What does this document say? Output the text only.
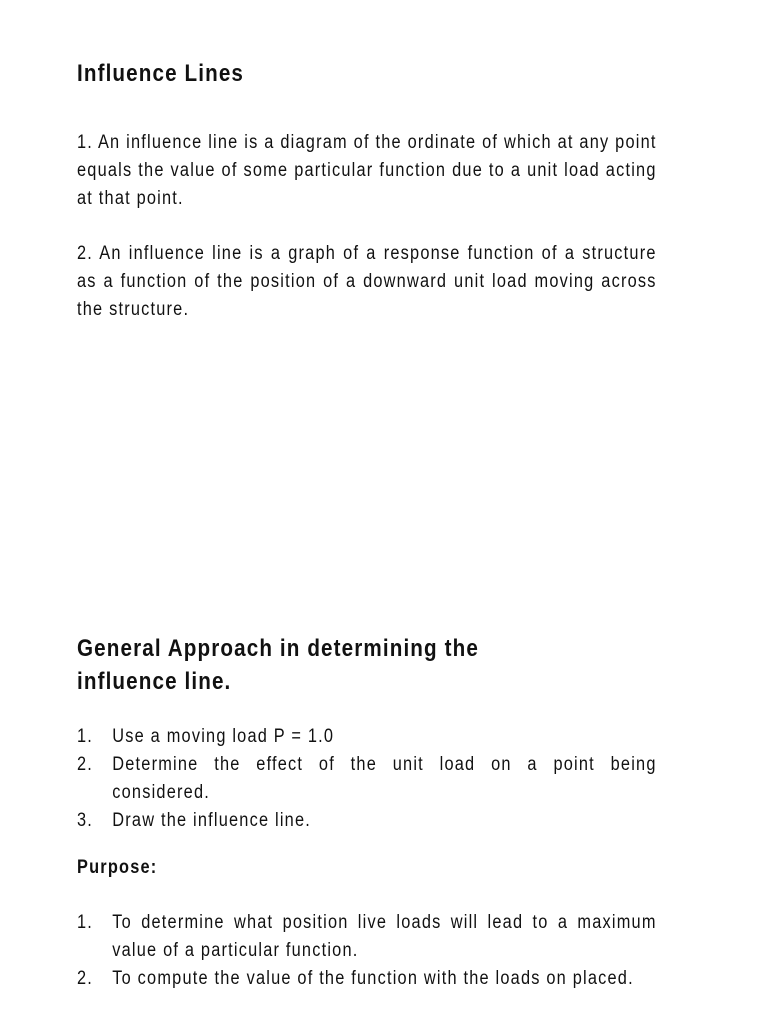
Influence Lines

1. An influence line is a diagram of the ordinate of which at any point equals the value of some particular function due to a unit load acting at that point.

2. An influence line is a graph of a response function of a structure as a function of the position of a downward unit load moving across the structure.

General Approach in determining the
influence line.
1. Use a moving load P = 1.0
2. Determine the effect of the unit load on a point being considered.
3. Draw the influence line.

Purpose:

1. To determine what position live loads will lead to a maximum value of a particular function.
2. To compute the value of the function with the loads on placed.
